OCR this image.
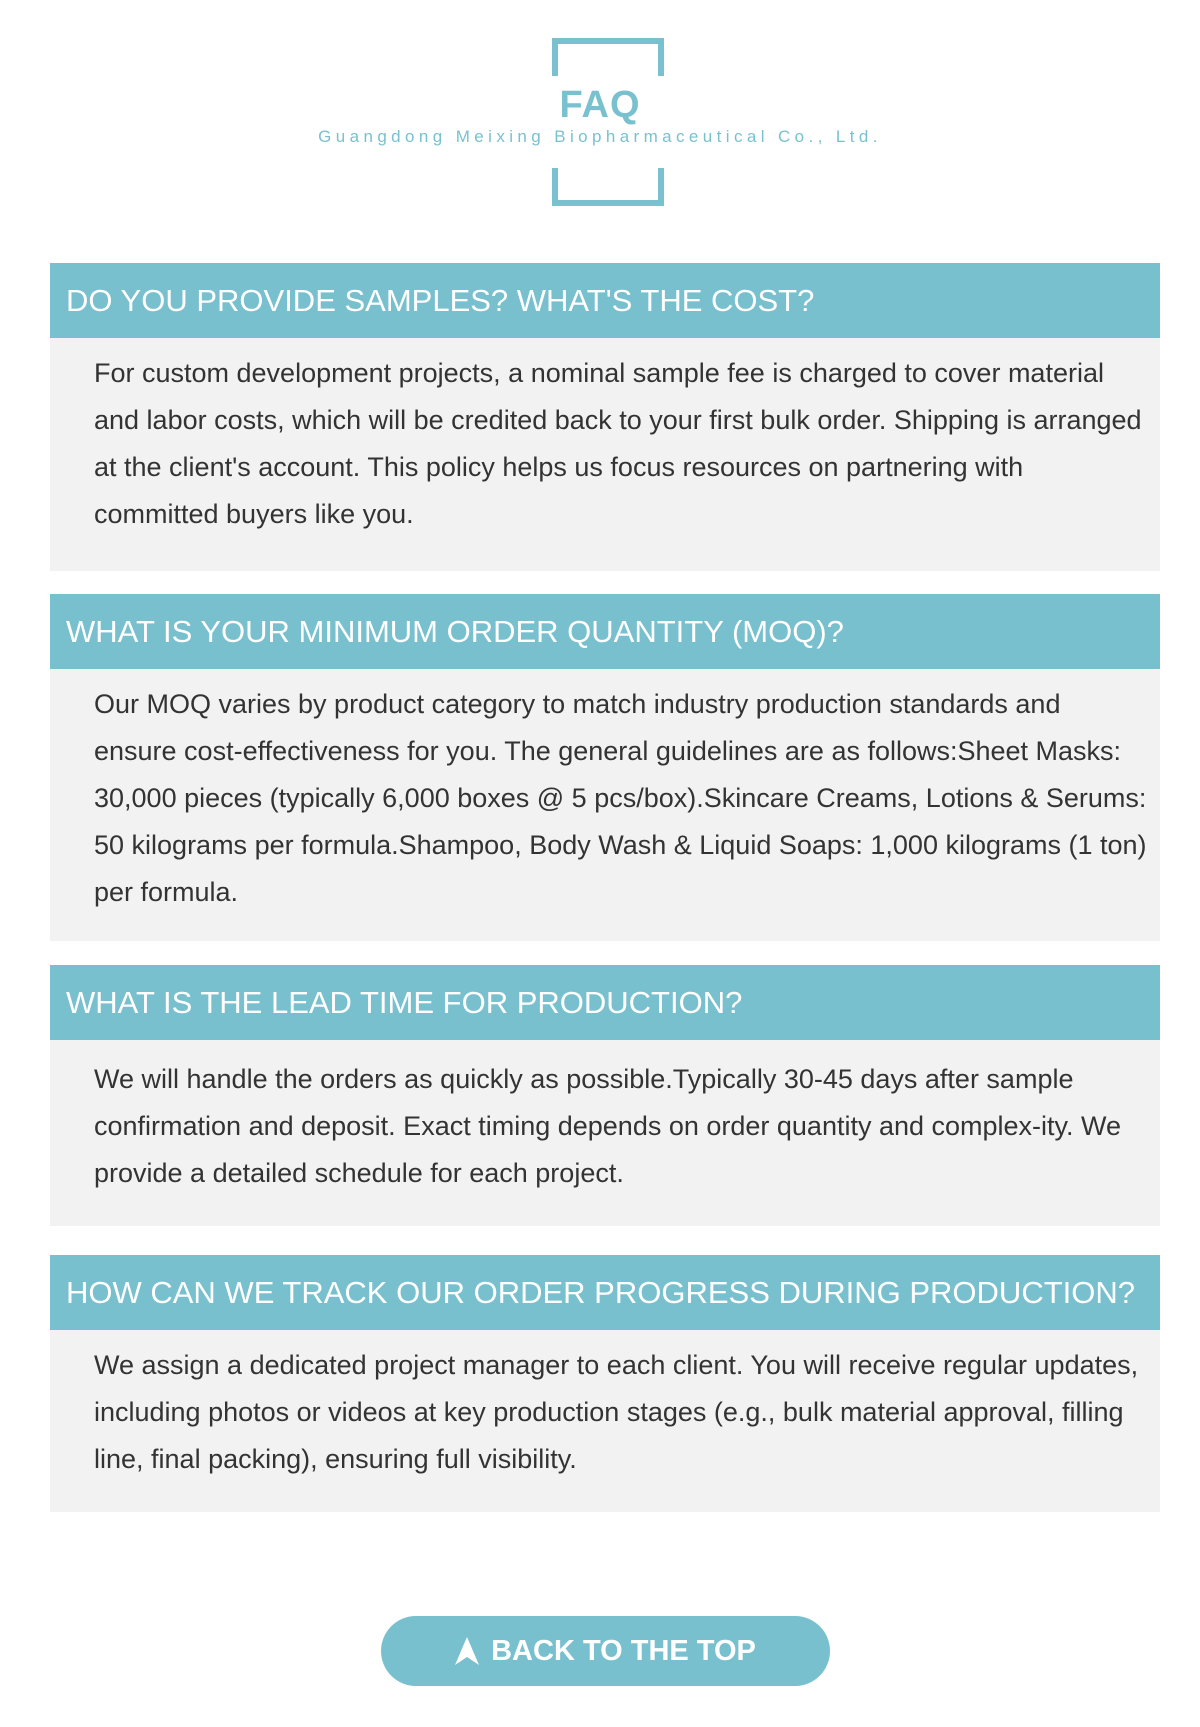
FAQ
Guangdong Meixing Biopharmaceutical Co., Ltd.
DO YOU PROVIDE SAMPLES? WHAT'S THE COST?
For custom development projects, a nominal sample fee is charged to cover material and labor costs, which will be credited back to your first bulk order. Shipping is arranged at the client's account. This policy helps us focus resources on partnering with committed buyers like you.
WHAT IS YOUR MINIMUM ORDER QUANTITY (MOQ)?
Our MOQ varies by product category to match industry production standards and ensure cost-effectiveness for you. The general guidelines are as follows:Sheet Masks: 30,000 pieces (typically 6,000 boxes @ 5 pcs/box).Skincare Creams, Lotions & Serums: 50 kilograms per formula.Shampoo, Body Wash & Liquid Soaps: 1,000 kilograms (1 ton) per formula.
WHAT IS THE LEAD TIME FOR PRODUCTION?
We will handle the orders as quickly as possible.Typically 30-45 days after sample confirmation and deposit. Exact timing depends on order quantity and complex-ity. We provide a detailed schedule for each project.
HOW CAN WE TRACK OUR ORDER PROGRESS DURING PRODUCTION?
We assign a dedicated project manager to each client. You will receive regular updates, including photos or videos at key production stages (e.g., bulk material approval, filling line, final packing), ensuring full visibility.
BACK TO THE TOP
